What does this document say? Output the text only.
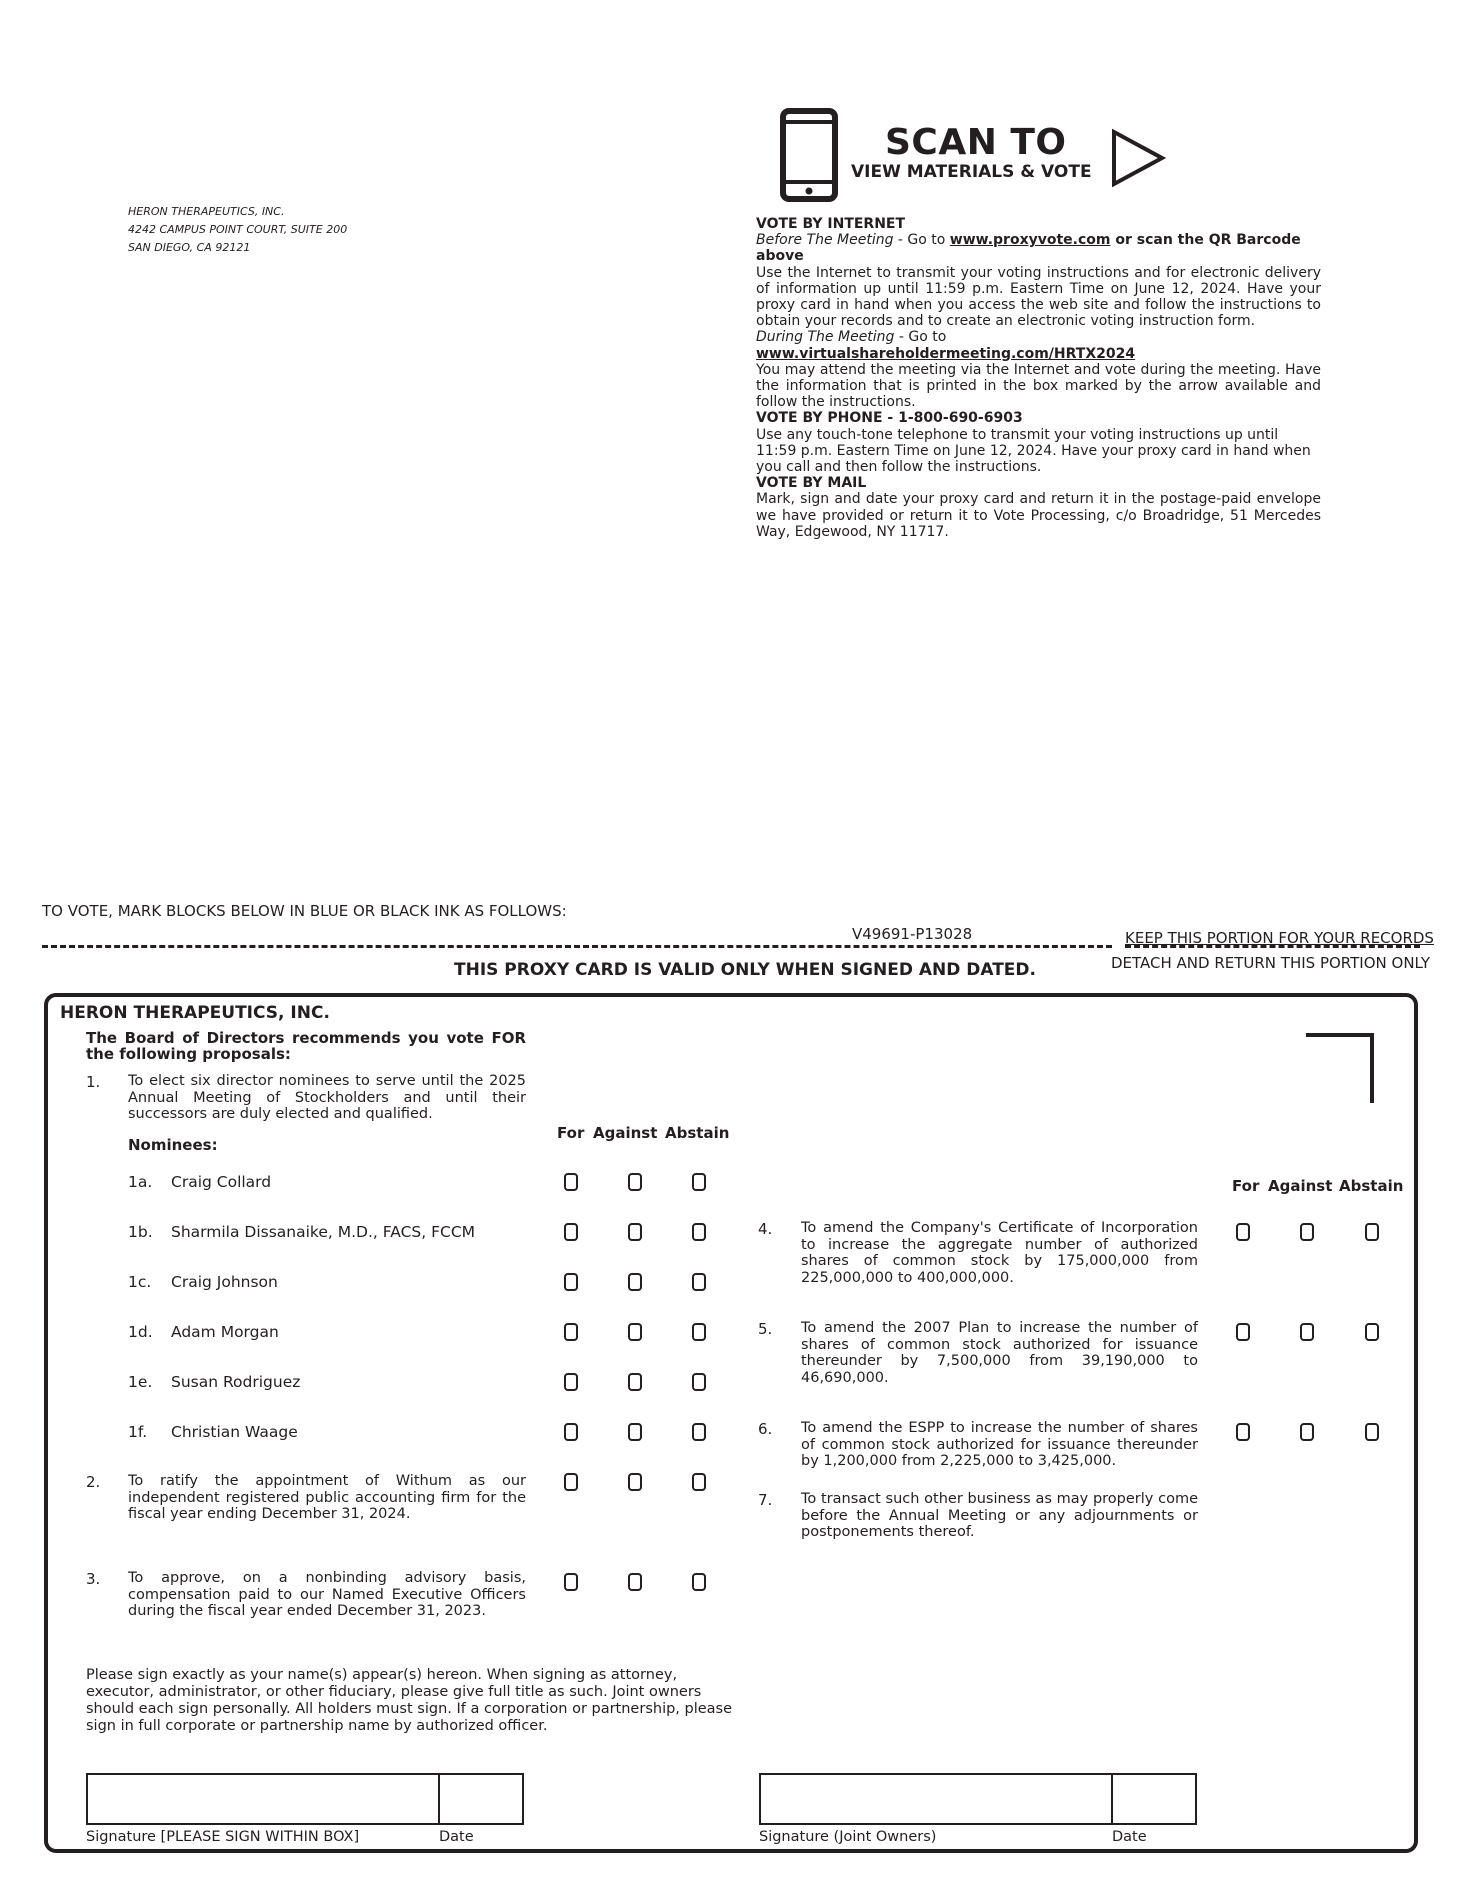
HERON THERAPEUTICS, INC.
4242 CAMPUS POINT COURT, SUITE 200
SAN DIEGO, CA 92121
SCAN TO
VIEW MATERIALS & VOTE

VOTE BY INTERNET

Before The Meeting - Go to www.proxyvote.com or scan the QR Barcode above

Use the Internet to transmit your voting instructions and for electronic delivery of information up until 11:59 p.m. Eastern Time on June 12, 2024. Have your proxy card in hand when you access the web site and follow the instructions to obtain your records and to create an electronic voting instruction form.

During The Meeting - Go to www.virtualshareholdermeeting.com/HRTX2024

You may attend the meeting via the Internet and vote during the meeting. Have the information that is printed in the box marked by the arrow available and follow the instructions.

VOTE BY PHONE - 1-800-690-6903

Use any touch-tone telephone to transmit your voting instructions up until 11:59 p.m. Eastern Time on June 12, 2024. Have your proxy card in hand when you call and then follow the instructions.

VOTE BY MAIL

Mark, sign and date your proxy card and return it in the postage-paid envelope we have provided or return it to Vote Processing, c/o Broadridge, 51 Mercedes Way, Edgewood, NY 11717.

TO VOTE, MARK BLOCKS BELOW IN BLUE OR BLACK INK AS FOLLOWS:
V49691-P13028	KEEP THIS PORTION FOR YOUR RECORDS
DETACH AND RETURN THIS PORTION ONLY
THIS PROXY CARD IS VALID ONLY WHEN SIGNED AND DATED.
HERON THERAPEUTICS, INC.
The Board of Directors recommends you vote FOR the following proposals:
1. To elect six director nominees to serve until the 2025 Annual Meeting of Stockholders and until their successors are duly elected and qualified.
Nominees:
For Against Abstain
1a. Craig Collard
1b. Sharmila Dissanaike, M.D., FACS, FCCM
1c. Craig Johnson
1d. Adam Morgan
1e. Susan Rodriguez
1f. Christian Waage
2. To ratify the appointment of Withum as our independent registered public accounting firm for the fiscal year ending December 31, 2024.
3. To approve, on a nonbinding advisory basis, compensation paid to our Named Executive Officers during the fiscal year ended December 31, 2023.
For Against Abstain
4. To amend the Company's Certificate of Incorporation to increase the aggregate number of authorized shares of common stock by 175,000,000 from 225,000,000 to 400,000,000.
5. To amend the 2007 Plan to increase the number of shares of common stock authorized for issuance thereunder by 7,500,000 from 39,190,000 to 46,690,000.
6. To amend the ESPP to increase the number of shares of common stock authorized for issuance thereunder by 1,200,000 from 2,225,000 to 3,425,000.
7. To transact such other business as may properly come before the Annual Meeting or any adjournments or postponements thereof.
Please sign exactly as your name(s) appear(s) hereon. When signing as attorney, executor, administrator, or other fiduciary, please give full title as such. Joint owners should each sign personally. All holders must sign. If a corporation or partnership, please sign in full corporate or partnership name by authorized officer.
Signature [PLEASE SIGN WITHIN BOX]	Date	Signature (Joint Owners)	Date
